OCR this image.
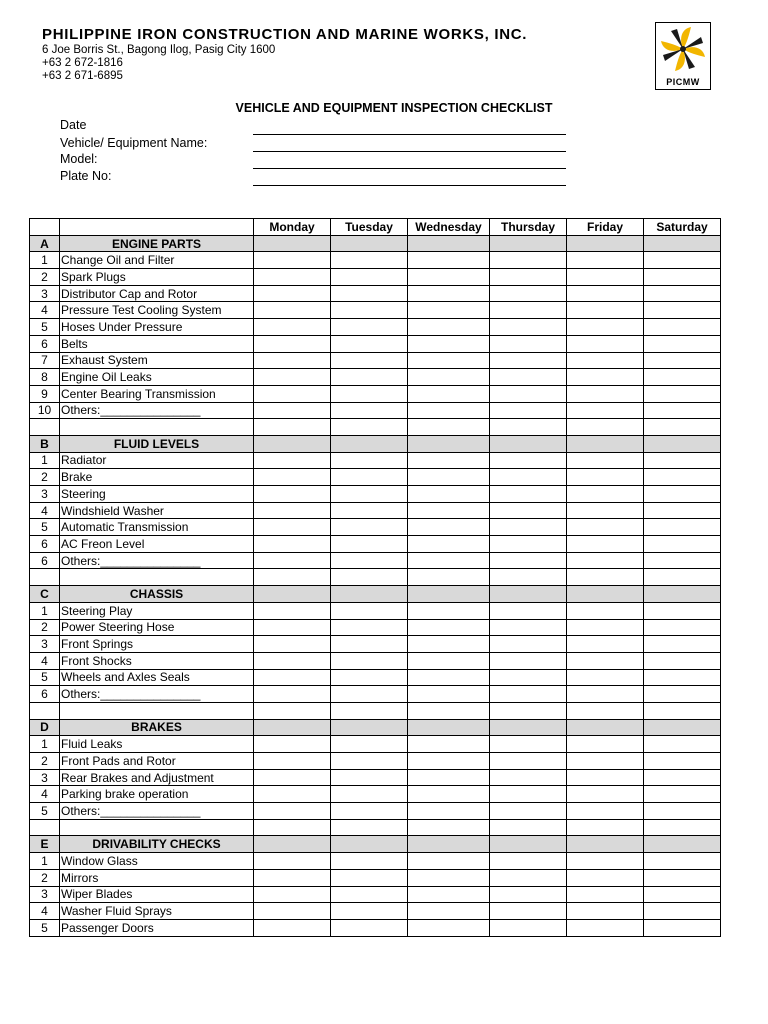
PHILIPPINE IRON CONSTRUCTION AND MARINE WORKS, INC.
6 Joe Borris St., Bagong Ilog, Pasig City 1600
+63 2 672-1816
+63 2 671-6895	PICMW
VEHICLE AND EQUIPMENT INSPECTION CHECKLIST
Date
Vehicle/ Equipment Name:
Model:
Plate No:
		Monday	Tuesday	Wednesday	Thursday	Friday	Saturday
A	ENGINE PARTS						
1	Change Oil and Filter						
2	Spark Plugs						
3	Distributor Cap and Rotor						
4	Pressure Test Cooling System						
5	Hoses Under Pressure						
6	Belts						
7	Exhaust System						
8	Engine Oil Leaks						
9	Center Bearing Transmission						
10	Others:_______________						

B	FLUID LEVELS						
1	Radiator						
2	Brake						
3	Steering						
4	Windshield Washer						
5	Automatic Transmission						
6	AC Freon Level						
6	Others:_______________						

C	CHASSIS						
1	Steering Play						
2	Power Steering Hose						
3	Front Springs						
4	Front Shocks						
5	Wheels and Axles Seals						
6	Others:_______________						

D	BRAKES						
1	Fluid Leaks						
2	Front Pads and Rotor						
3	Rear Brakes and Adjustment						
4	Parking brake operation						
5	Others:_______________						

E	DRIVABILITY CHECKS						
1	Window Glass						
2	Mirrors						
3	Wiper Blades						
4	Washer Fluid Sprays						
5	Passenger Doors						
